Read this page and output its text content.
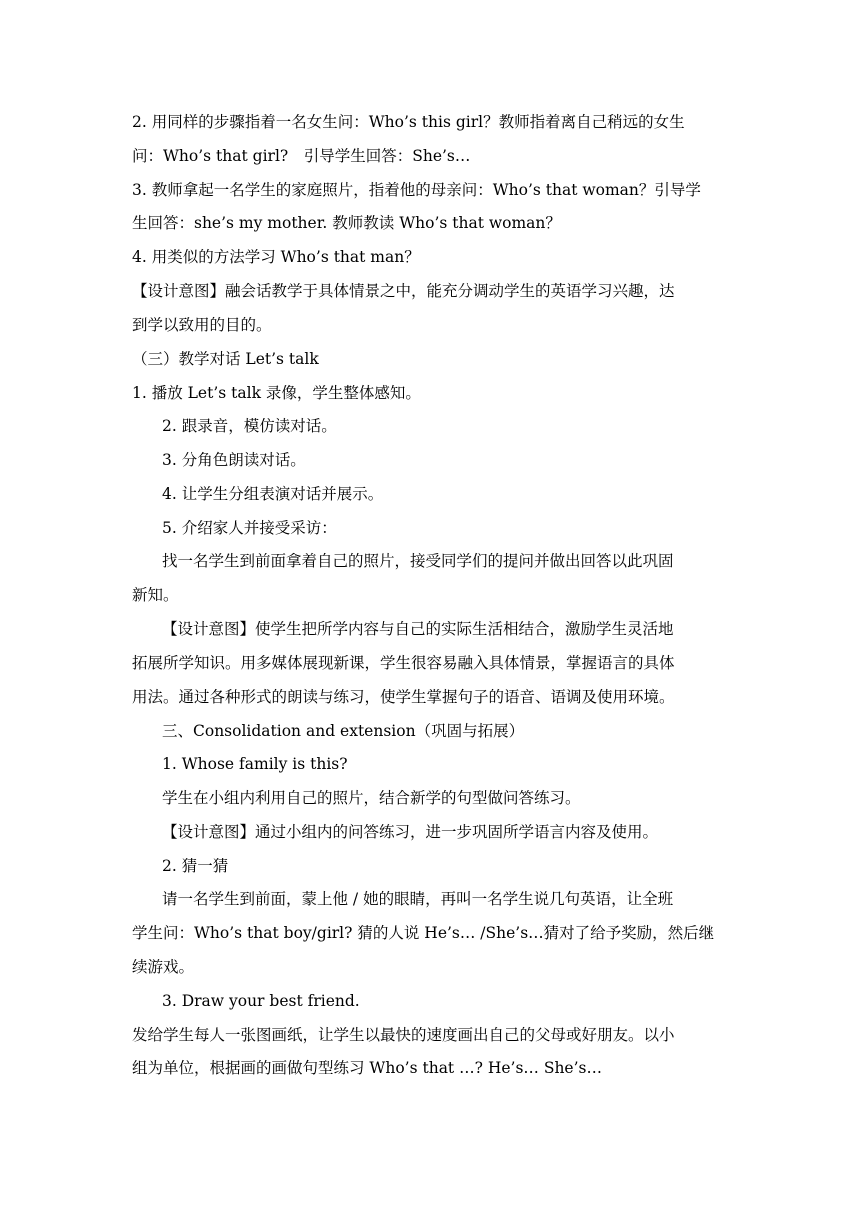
2. 用同样的步骤指着一名女生问：Who’s this girl？教师指着离自己稍远的女生
问：Who’s that girl?　引导学生回答：She’s…
3. 教师拿起一名学生的家庭照片，指着他的母亲问：Who’s that woman？引导学
生回答：she’s my mother. 教师教读 Who’s that woman？
4. 用类似的方法学习 Who’s that man？
【设计意图】融会话教学于具体情景之中，能充分调动学生的英语学习兴趣，达
到学以致用的目的。
（三）教学对话 Let’s talk
1. 播放 Let’s talk 录像，学生整体感知。
2. 跟录音，模仿读对话。
3. 分角色朗读对话。
4. 让学生分组表演对话并展示。
5. 介绍家人并接受采访：
找一名学生到前面拿着自己的照片，接受同学们的提问并做出回答以此巩固
新知。
【设计意图】使学生把所学内容与自己的实际生活相结合，激励学生灵活地
拓展所学知识。用多媒体展现新课，学生很容易融入具体情景，掌握语言的具体
用法。通过各种形式的朗读与练习，使学生掌握句子的语音、语调及使用环境。
三、Consolidation and extension（巩固与拓展）
1. Whose family is this?
学生在小组内利用自己的照片，结合新学的句型做问答练习。
【设计意图】通过小组内的问答练习，进一步巩固所学语言内容及使用。
2. 猜一猜
请一名学生到前面，蒙上他 / 她的眼睛，再叫一名学生说几句英语，让全班
学生问：Who’s that boy/girl? 猜的人说 He’s… /She’s…猜对了给予奖励，然后继
续游戏。
3. Draw your best friend.
发给学生每人一张图画纸，让学生以最快的速度画出自己的父母或好朋友。以小
组为单位，根据画的画做句型练习 Who’s that …? He’s… She’s…
